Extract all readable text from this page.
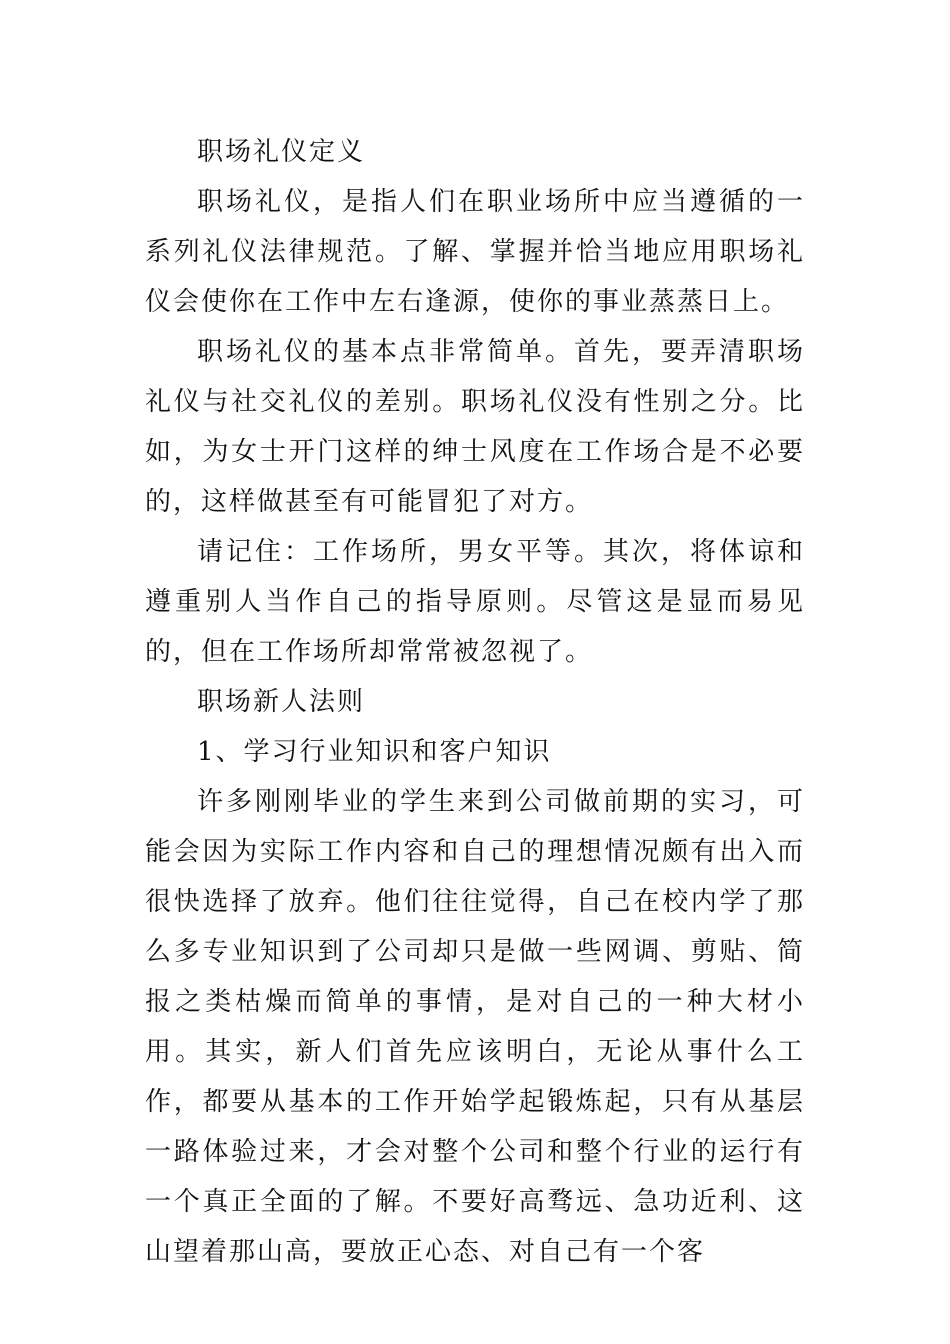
职场礼仪定义

职场礼仪，是指人们在职业场所中应当遵循的一系列礼仪法律规范。了解、掌握并恰当地应用职场礼仪会使你在工作中左右逢源，使你的事业蒸蒸日上。

职场礼仪的基本点非常简单。首先，要弄清职场礼仪与社交礼仪的差别。职场礼仪没有性别之分。比如，为女士开门这样的绅士风度在工作场合是不必要的，这样做甚至有可能冒犯了对方。

请记住：工作场所，男女平等。其次，将体谅和遵重别人当作自己的指导原则。尽管这是显而易见的，但在工作场所却常常被忽视了。

职场新人法则

1、学习行业知识和客户知识

许多刚刚毕业的学生来到公司做前期的实习，可能会因为实际工作内容和自己的理想情况颇有出入而很快选择了放弃。他们往往觉得，自己在校内学了那么多专业知识到了公司却只是做一些网调、剪贴、简报之类枯燥而简单的事情，是对自己的一种大材小用。其实，新人们首先应该明白，无论从事什么工作，都要从基本的工作开始学起锻炼起，只有从基层一路体验过来，才会对整个公司和整个行业的运行有一个真正全面的了解。不要好高骛远、急功近利、这山望着那山高，要放正心态、对自己有一个客
